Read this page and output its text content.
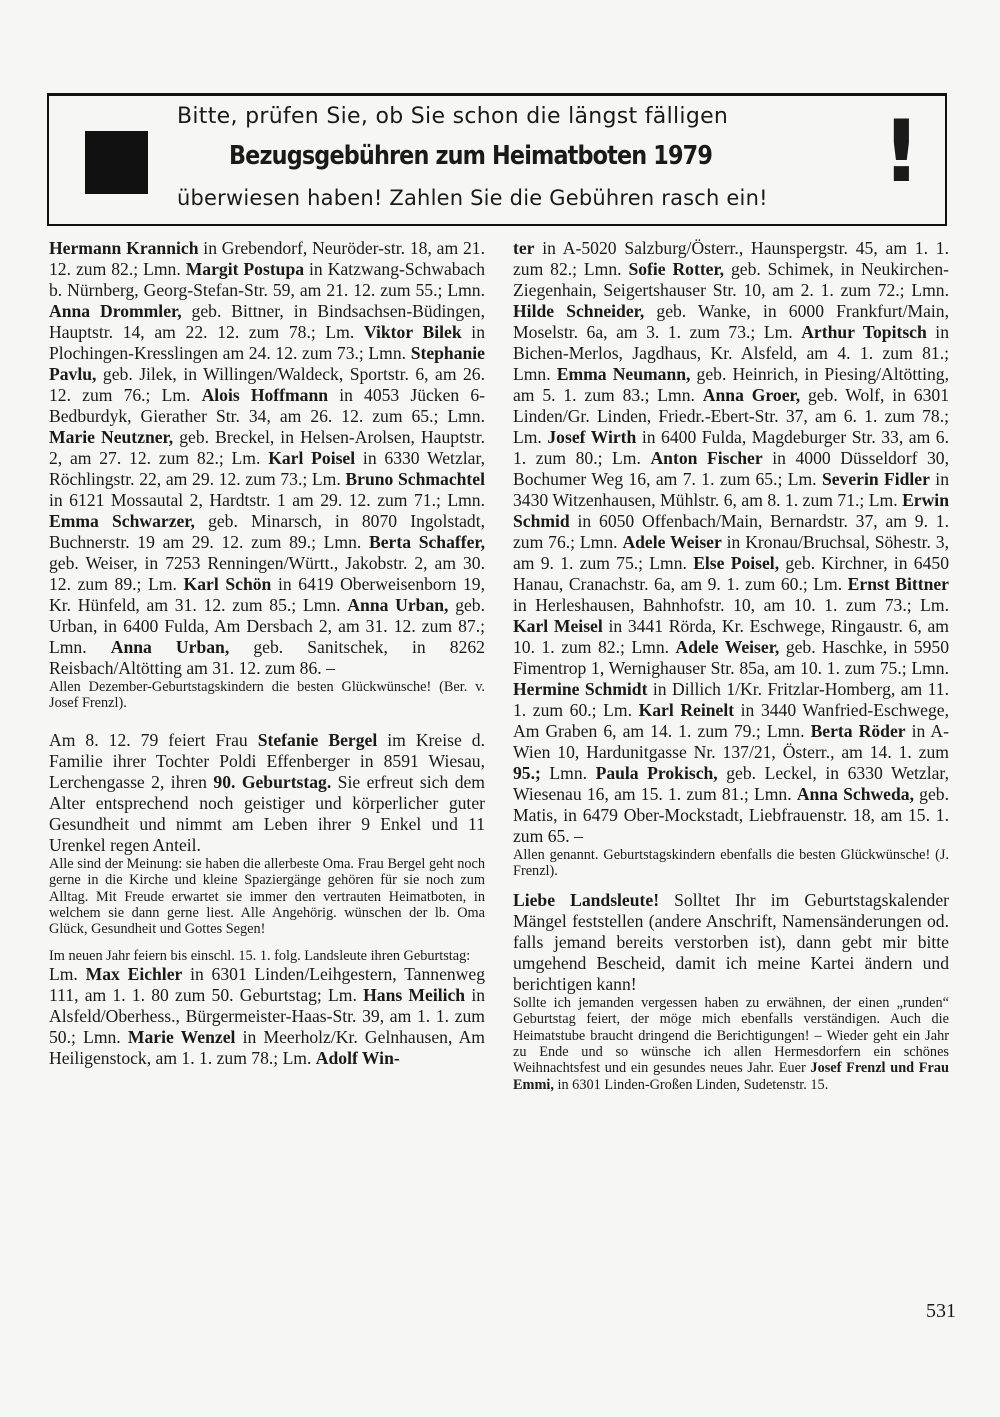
Bitte, prüfen Sie, ob Sie schon die längst fälligen
Bezugsgebühren zum Heimatboten 1979
überwiesen haben! Zahlen Sie die Gebühren rasch ein! !

Hermann Krannich in Grebendorf, Neuröder-str. 18, am 21. 12. zum 82.; Lmn. Margit Postupa in Katzwang-Schwabach b. Nürnberg, Georg-Stefan-Str. 59, am 21. 12. zum 55.; Lmn. Anna Drommler, geb. Bittner, in Bindsachsen-Büdingen, Hauptstr. 14, am 22. 12. zum 78.; Lm. Viktor Bilek in Plochingen-Kresslingen am 24. 12. zum 73.; Lmn. Stephanie Pavlu, geb. Jilek, in Willingen/Waldeck, Sportstr. 6, am 26. 12. zum 76.; Lm. Alois Hoffmann in 4053 Jücken 6-Bedburdyk, Gierather Str. 34, am 26. 12. zum 65.; Lmn. Marie Neutzner, geb. Breckel, in Helsen-Arolsen, Hauptstr. 2, am 27. 12. zum 82.; Lm. Karl Poisel in 6330 Wetzlar, Röchlingstr. 22, am 29. 12. zum 73.; Lm. Bruno Schmachtel in 6121 Mossautal 2, Hardtstr. 1 am 29. 12. zum 71.; Lmn. Emma Schwarzer, geb. Minarsch, in 8070 Ingolstadt, Buchnerstr. 19 am 29. 12. zum 89.; Lmn. Berta Schaffer, geb. Weiser, in 7253 Renningen/Württ., Jakobstr. 2, am 30. 12. zum 89.; Lm. Karl Schön in 6419 Oberweisenborn 19, Kr. Hünfeld, am 31. 12. zum 85.; Lmn. Anna Urban, geb. Urban, in 6400 Fulda, Am Dersbach 2, am 31. 12. zum 87.; Lmn. Anna Urban, geb. Sanitschek, in 8262 Reisbach/Altötting am 31. 12. zum 86. –

Allen Dezember-Geburtstagskindern die besten Glückwünsche! (Ber. v. Josef Frenzl).

Am 8. 12. 79 feiert Frau Stefanie Bergel im Kreise d. Familie ihrer Tochter Poldi Effenberger in 8591 Wiesau, Lerchengasse 2, ihren 90. Geburtstag. Sie erfreut sich dem Alter entsprechend noch geistiger und körperlicher guter Gesundheit und nimmt am Leben ihrer 9 Enkel und 11 Urenkel regen Anteil.

Alle sind der Meinung: sie haben die allerbeste Oma. Frau Bergel geht noch gerne in die Kirche und kleine Spaziergänge gehören für sie noch zum Alltag. Mit Freude erwartet sie immer den vertrauten Heimatboten, in welchem sie dann gerne liest. Alle Angehörig. wünschen der lb. Oma Glück, Gesundheit und Gottes Segen!

Im neuen Jahr feiern bis einschl. 15. 1. folg. Landsleute ihren Geburtstag:

Lm. Max Eichler in 6301 Linden/Leihgestern, Tannenweg 111, am 1. 1. 80 zum 50. Geburtstag; Lm. Hans Meilich in Alsfeld/Oberhess., Bürgermeister-Haas-Str. 39, am 1. 1. zum 50.; Lmn. Marie Wenzel in Meerholz/Kr. Gelnhausen, Am Heiligenstock, am 1. 1. zum 78.; Lm. Adolf Win-

ter in A-5020 Salzburg/Österr., Haunspergstr. 45, am 1. 1. zum 82.; Lmn. Sofie Rotter, geb. Schimek, in Neukirchen-Ziegenhain, Seigertshauser Str. 10, am 2. 1. zum 72.; Lmn. Hilde Schneider, geb. Wanke, in 6000 Frankfurt/Main, Moselstr. 6a, am 3. 1. zum 73.; Lm. Arthur Topitsch in Bichen-Merlos, Jagdhaus, Kr. Alsfeld, am 4. 1. zum 81.; Lmn. Emma Neumann, geb. Heinrich, in Piesing/Altötting, am 5. 1. zum 83.; Lmn. Anna Groer, geb. Wolf, in 6301 Linden/Gr. Linden, Friedr.-Ebert-Str. 37, am 6. 1. zum 78.; Lm. Josef Wirth in 6400 Fulda, Magdeburger Str. 33, am 6. 1. zum 80.; Lm. Anton Fischer in 4000 Düsseldorf 30, Bochumer Weg 16, am 7. 1. zum 65.; Lm. Severin Fidler in 3430 Witzenhausen, Mühlstr. 6, am 8. 1. zum 71.; Lm. Erwin Schmid in 6050 Offenbach/Main, Bernardstr. 37, am 9. 1. zum 76.; Lmn. Adele Weiser in Kronau/Bruchsal, Söhestr. 3, am 9. 1. zum 75.; Lmn. Else Poisel, geb. Kirchner, in 6450 Hanau, Cranachstr. 6a, am 9. 1. zum 60.; Lm. Ernst Bittner in Herleshausen, Bahnhofstr. 10, am 10. 1. zum 73.; Lm. Karl Meisel in 3441 Rörda, Kr. Eschwege, Ringaustr. 6, am 10. 1. zum 82.; Lmn. Adele Weiser, geb. Haschke, in 5950 Fimentrop 1, Wernighauser Str. 85a, am 10. 1. zum 75.; Lmn. Hermine Schmidt in Dillich 1/Kr. Fritzlar-Homberg, am 11. 1. zum 60.; Lm. Karl Reinelt in 3440 Wanfried-Eschwege, Am Graben 6, am 14. 1. zum 79.; Lmn. Berta Röder in A-Wien 10, Hardunitgasse Nr. 137/21, Österr., am 14. 1. zum 95.; Lmn. Paula Prokisch, geb. Leckel, in 6330 Wetzlar, Wiesenau 16, am 15. 1. zum 81.; Lmn. Anna Schweda, geb. Matis, in 6479 Ober-Mockstadt, Liebfrauenstr. 18, am 15. 1. zum 65. –

Allen genannt. Geburtstagskindern ebenfalls die besten Glückwünsche! (J. Frenzl).

Liebe Landsleute! Solltet Ihr im Geburtstagskalender Mängel feststellen (andere Anschrift, Namensänderungen od. falls jemand bereits verstorben ist), dann gebt mir bitte umgehend Bescheid, damit ich meine Kartei ändern und berichtigen kann!

Sollte ich jemanden vergessen haben zu erwähnen, der einen „runden“ Geburtstag feiert, der möge mich ebenfalls verständigen. Auch die Heimatstube braucht dringend die Berichtigungen! – Wieder geht ein Jahr zu Ende und so wünsche ich allen Hermesdorfern ein schönes Weihnachtsfest und ein gesundes neues Jahr. Euer Josef Frenzl und Frau Emmi, in 6301 Linden-Großen Linden, Sudetenstr. 15.

531
